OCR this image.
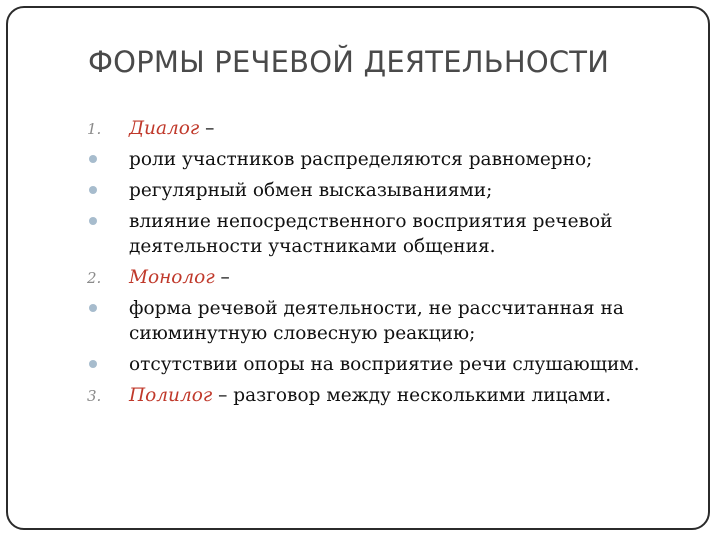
ФОРМЫ РЕЧЕВОЙ ДЕЯТЕЛЬНОСТИ
1.	Диалог –
роли участников распределяются равномерно;
регулярный обмен высказываниями;
влияние непосредственного восприятия речевой деятельности участниками общения.
2.	Монолог –
форма речевой деятельности, не рассчитанная на сиюминутную словесную реакцию;
отсутствии опоры на восприятие речи слушающим.
3.	Полилог – разговор между несколькими лицами.
